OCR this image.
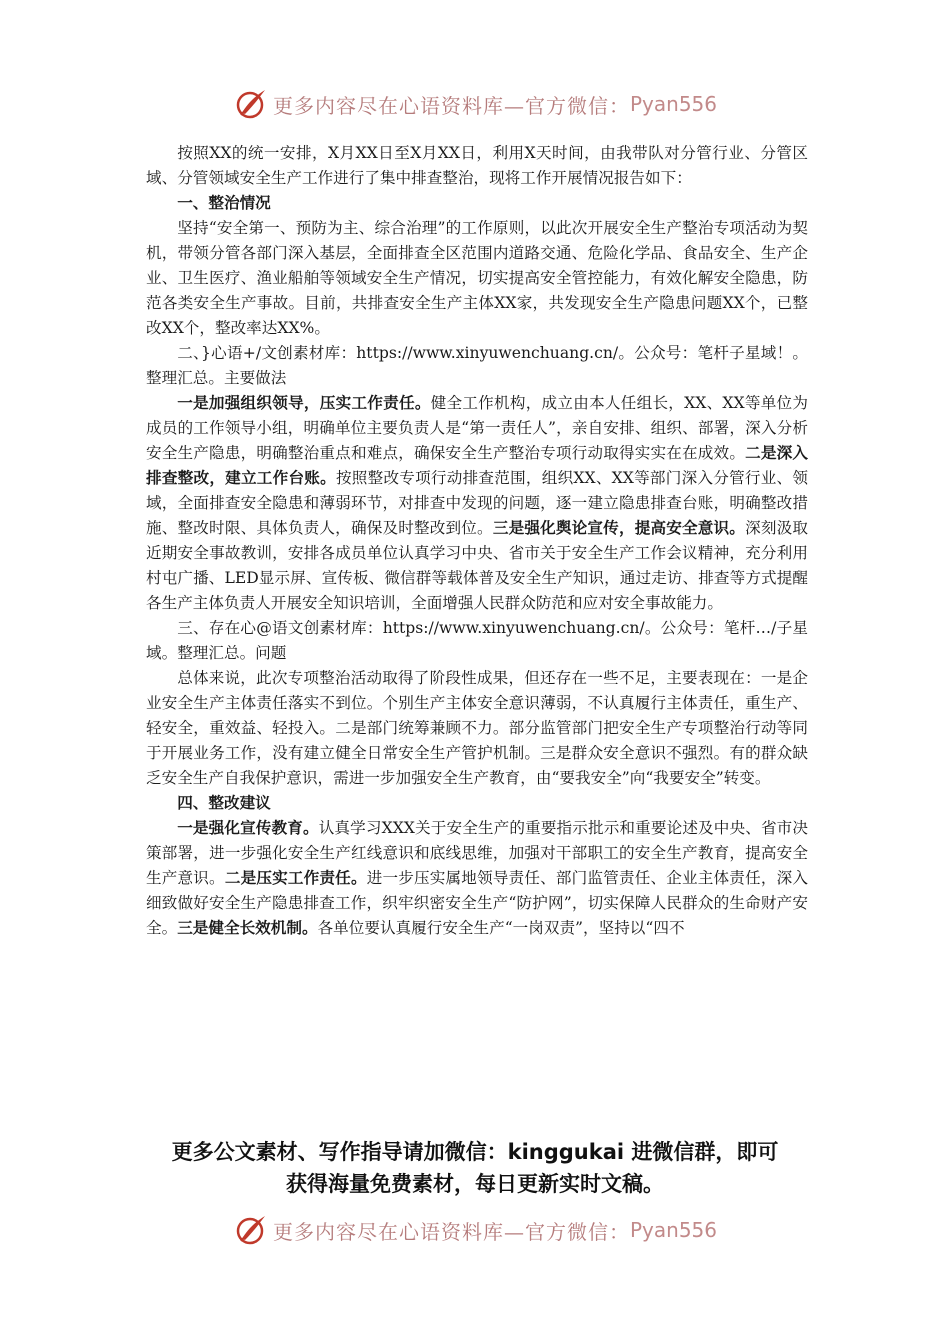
更多内容尽在心语资料库—官方微信： Pyan556

按照XX的统一安排，X月XX日至X月XX日，利用X天时间，由我带队对分管行业、分管区域、分管领域安全生产工作进行了集中排查整治，现将工作开展情况报告如下：

一、整治情况

坚持“安全第一、预防为主、综合治理”的工作原则，以此次开展安全生产整治专项活动为契机，带领分管各部门深入基层，全面排查全区范围内道路交通、危险化学品、食品安全、生产企业、卫生医疗、渔业船舶等领域安全生产情况，切实提高安全管控能力，有效化解安全隐患，防范各类安全生产事故。目前，共排查安全生产主体XX家，共发现安全生产隐患问题XX个，已整改XX个，整改率达XX%。

二、}心语+/文创素材库：https://www.xinyuwenchuang.cn/。公众号：笔杆子星域！。整理汇总。主要做法

一是加强组织领导，压实工作责任。健全工作机构，成立由本人任组长，XX、XX等单位为成员的工作领导小组，明确单位主要负责人是“第一责任人”，亲自安排、组织、部署，深入分析安全生产隐患，明确整治重点和难点，确保安全生产整治专项行动取得实实在在成效。二是深入排查整改，建立工作台账。按照整改专项行动排查范围，组织XX、XX等部门深入分管行业、领域，全面排查安全隐患和薄弱环节，对排查中发现的问题，逐一建立隐患排查台账，明确整改措施、整改时限、具体负责人，确保及时整改到位。三是强化舆论宣传，提高安全意识。深刻汲取近期安全事故教训，安排各成员单位认真学习中央、省市关于安全生产工作会议精神，充分利用村屯广播、LED显示屏、宣传板、微信群等载体普及安全生产知识，通过走访、排查等方式提醒各生产主体负责人开展安全知识培训，全面增强人民群众防范和应对安全事故能力。

三、存在心@语文创素材库：https://www.xinyuwenchuang.cn/。公众号：笔杆…/子星域。整理汇总。问题

总体来说，此次专项整治活动取得了阶段性成果，但还存在一些不足，主要表现在：一是企业安全生产主体责任落实不到位。个别生产主体安全意识薄弱，不认真履行主体责任，重生产、轻安全，重效益、轻投入。二是部门统筹兼顾不力。部分监管部门把安全生产专项整治行动等同于开展业务工作，没有建立健全日常安全生产管护机制。三是群众安全意识不强烈。有的群众缺乏安全生产自我保护意识，需进一步加强安全生产教育，由“要我安全”向“我要安全”转变。

四、整改建议

一是强化宣传教育。认真学习XXX关于安全生产的重要指示批示和重要论述及中央、省市决策部署，进一步强化安全生产红线意识和底线思维，加强对干部职工的安全生产教育，提高安全生产意识。二是压实工作责任。进一步压实属地领导责任、部门监管责任、企业主体责任，深入细致做好安全生产隐患排查工作，织牢织密安全生产“防护网”，切实保障人民群众的生命财产安全。三是健全长效机制。各单位要认真履行安全生产“一岗双责”，坚持以“四不

更多公文素材、写作指导请加微信：kinggukai 进微信群，即可
获得海量免费素材，每日更新实时文稿。
更多内容尽在心语资料库—官方微信： Pyan556
